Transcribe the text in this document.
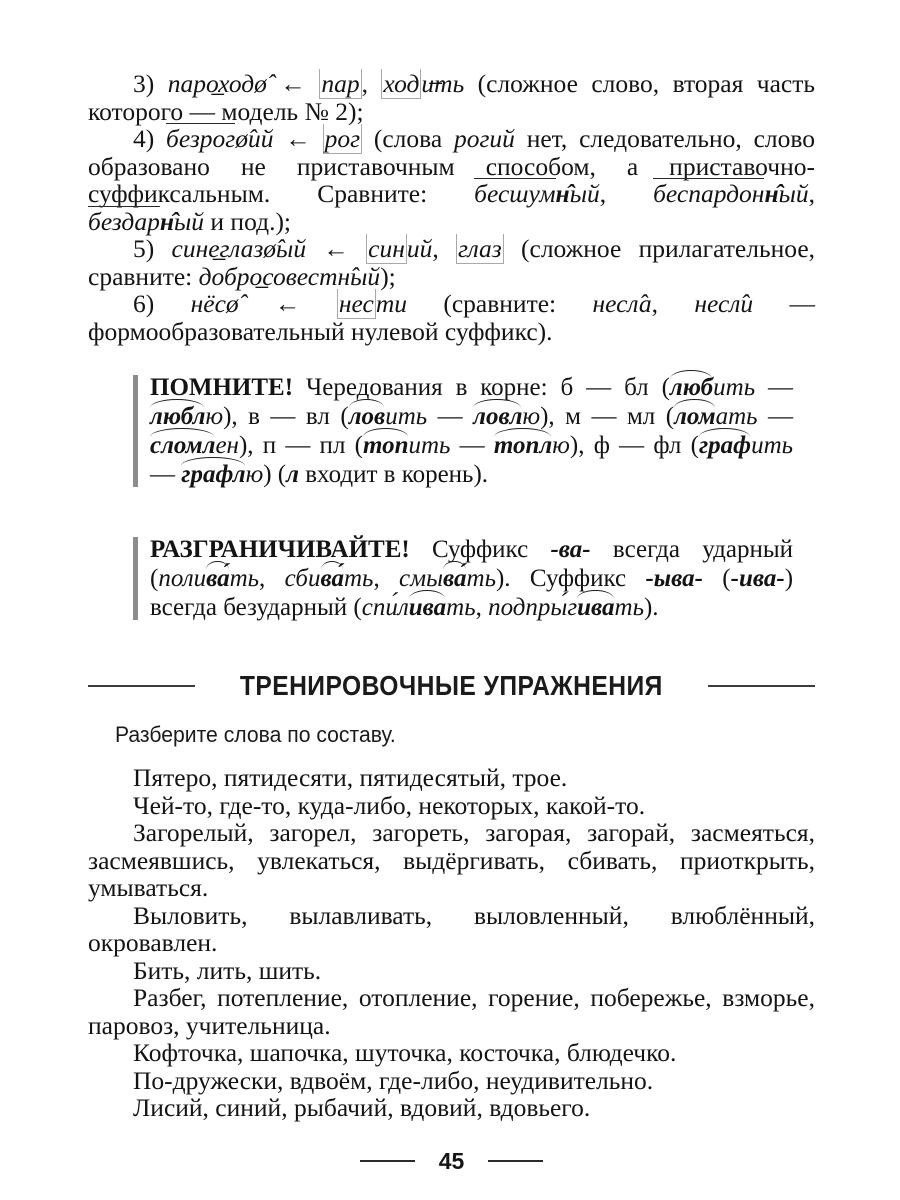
3) паро̲ходø̂ ← пар, ходи̶ть (сложное слово, вторая часть которого — модель № 2);

4) безрогø̂ий ← рог (слова рогий нет, следовательно, слово образовано не приставочным способом, а приставочно-суффиксальным. Сравните: бесшумн̂ый, беспардонн̂ый, бездарн̂ый и под.);

5) сине̲глазø̂ый ← синий, глаз (сложное прилагательное, сравните: добро̲совестн̂ый);

6) нёсø̂ ← нести (сравните: несл̂а, несл̂и — формообразовательный нулевой суффикс).

ПОМНИТЕ! Чередования в корне: б — бл (любить — люблю), в — вл (ловить — ловлю), м — мл (ломать — сломлен), п — пл (топить — топлю), ф — фл (графить — графлю) (л входит в корень).

РАЗГРАНИЧИВАЙТЕ! Суффикс -ва- всегда ударный (полива́ть, сбива́ть, смыва́ть). Суффикс -ыва- (-ива-) всегда безударный (спи́ливать, подпры́гивать).

ТРЕНИРОВОЧНЫЕ УПРАЖНЕНИЯ

Разберите слова по составу.

Пятеро, пятидесяти, пятидесятый, трое.

Чей-то, где-то, куда-либо, некоторых, какой-то.

Загорелый, загорел, загореть, загорая, загорай, засмеяться, засмеявшись, увлекаться, выдёргивать, сбивать, приоткрыть, умываться.

Выловить, вылавливать, выловленный, влюблённый, окровавлен.

Бить, лить, шить.

Разбег, потепление, отопление, горение, побережье, взморье, паровоз, учительница.

Кофточка, шапочка, шуточка, косточка, блюдечко.

По-дружески, вдвоём, где-либо, неудивительно.

Лисий, синий, рыбачий, вдовий, вдовьего.

45
